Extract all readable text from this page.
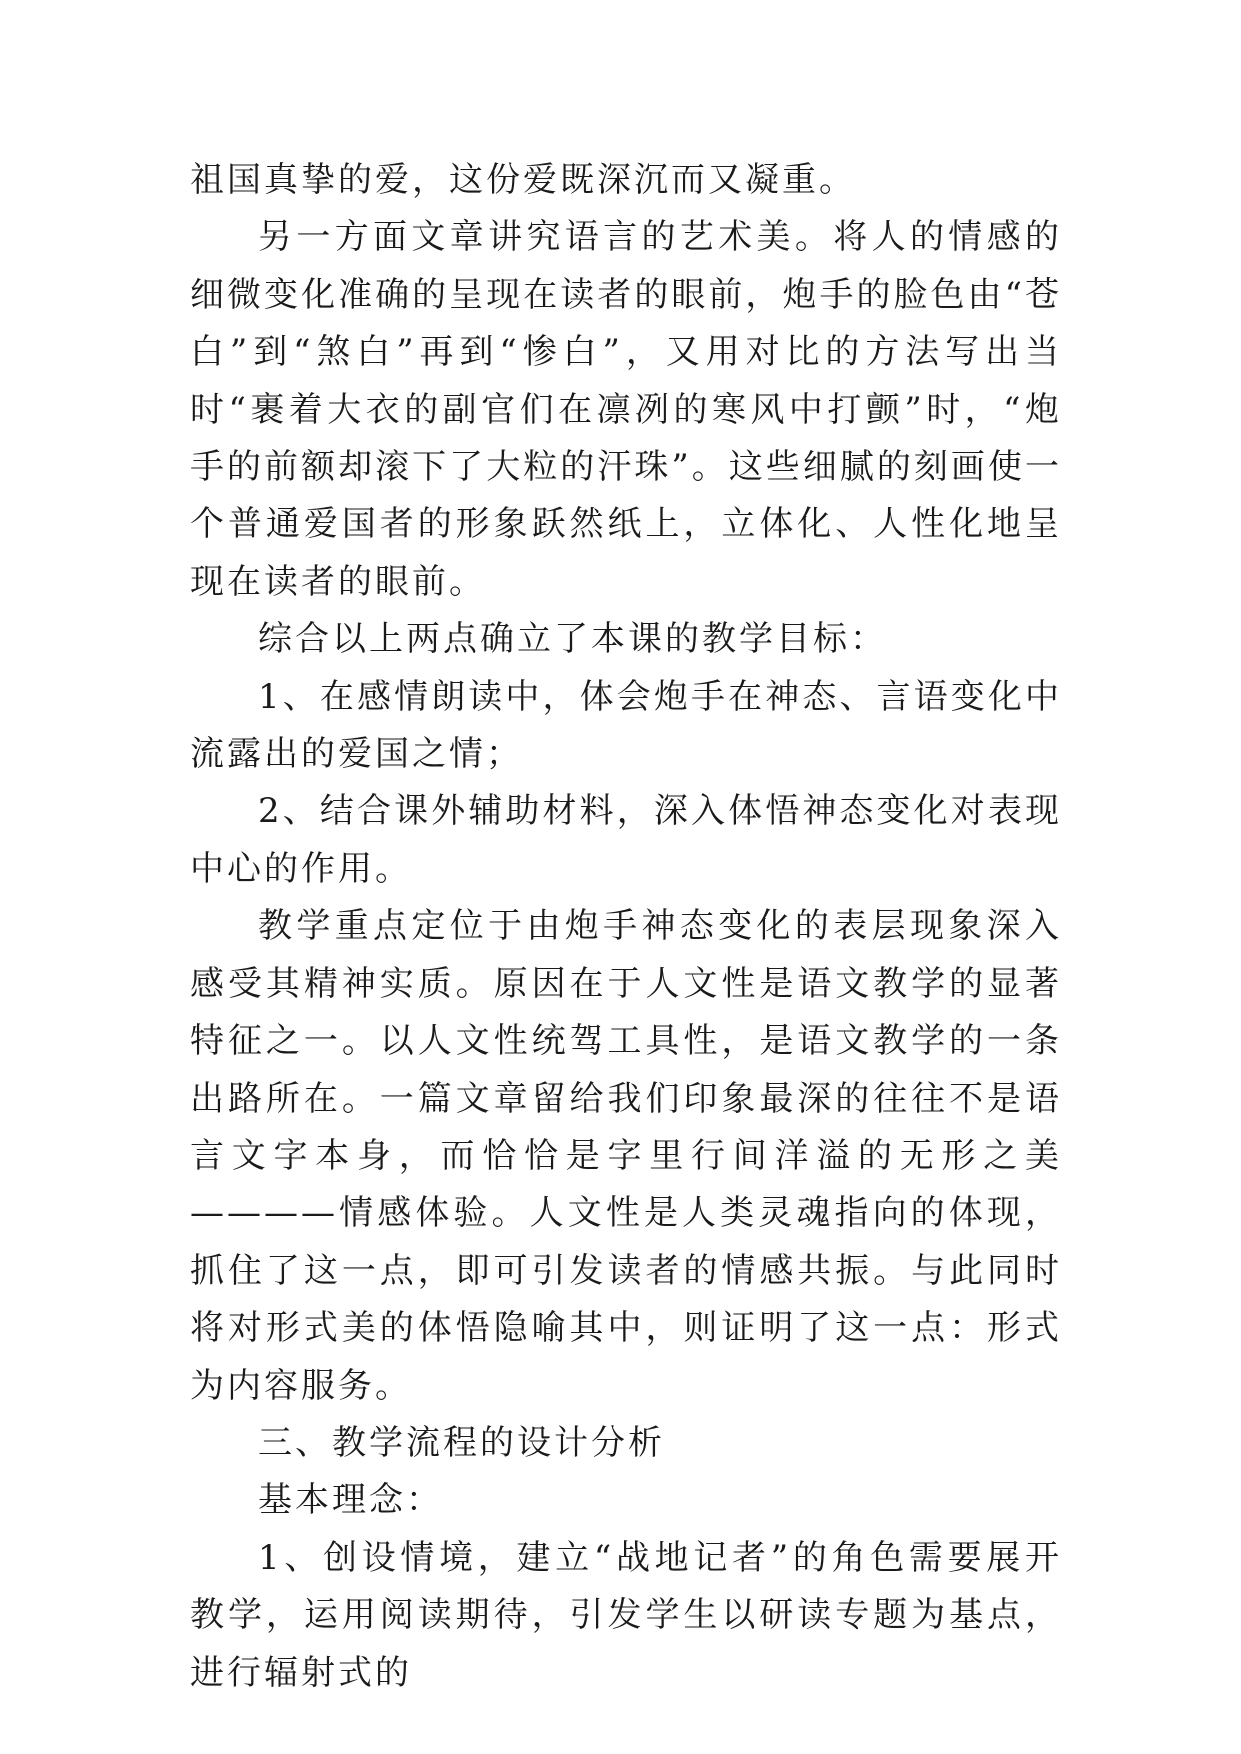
祖国真挚的爱，这份爱既深沉而又凝重。

另一方面文章讲究语言的艺术美。将人的情感的细微变化准确的呈现在读者的眼前，炮手的脸色由“苍白”到“煞白”再到“惨白”，又用对比的方法写出当时“裹着大衣的副官们在凛冽的寒风中打颤”时，“炮手的前额却滚下了大粒的汗珠”。这些细腻的刻画使一个普通爱国者的形象跃然纸上，立体化、人性化地呈现在读者的眼前。

综合以上两点确立了本课的教学目标：

1、在感情朗读中，体会炮手在神态、言语变化中流露出的爱国之情；

2、结合课外辅助材料，深入体悟神态变化对表现中心的作用。

教学重点定位于由炮手神态变化的表层现象深入感受其精神实质。原因在于人文性是语文教学的显著特征之一。以人文性统驾工具性，是语文教学的一条出路所在。一篇文章留给我们印象最深的往往不是语言文字本身，而恰恰是字里行间洋溢的无形之美————情感体验。人文性是人类灵魂指向的体现，抓住了这一点，即可引发读者的情感共振。与此同时将对形式美的体悟隐喻其中，则证明了这一点：形式为内容服务。

三、教学流程的设计分析

基本理念：

1、创设情境，建立“战地记者”的角色需要展开教学，运用阅读期待，引发学生以研读专题为基点，进行辐射式的
